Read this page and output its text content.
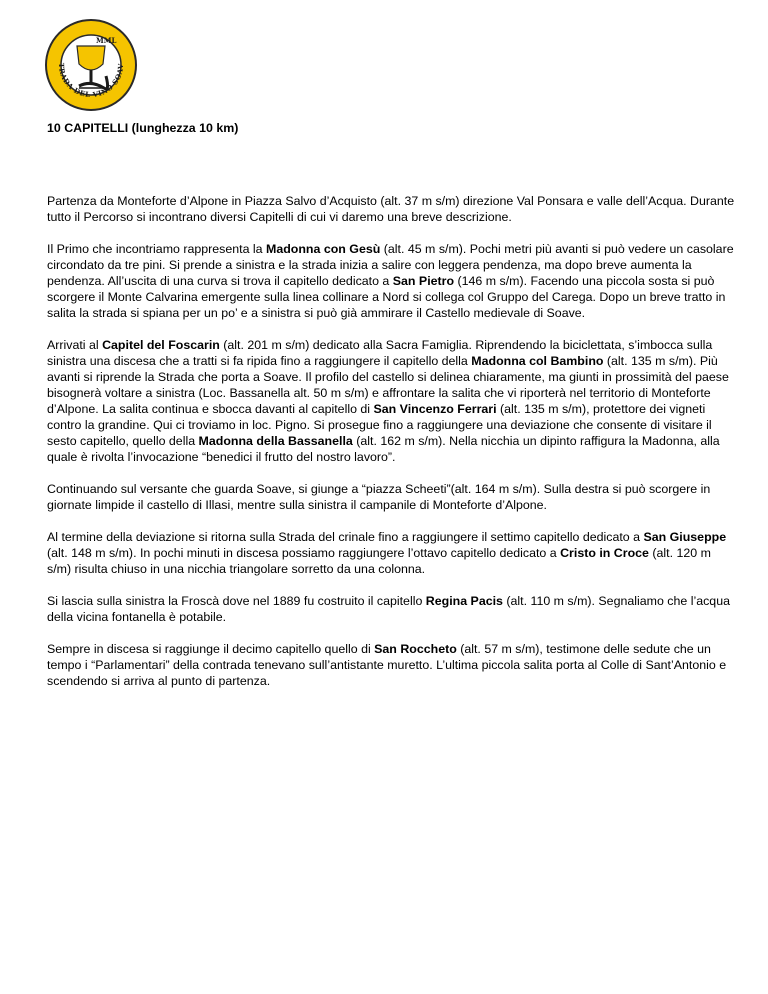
MML
TRADA DEL VINO SOAV

10 CAPITELLI (lunghezza 10 km)

Partenza da Monteforte d’Alpone in Piazza Salvo d’Acquisto (alt. 37 m s/m) direzione Val Ponsara e valle dell’Acqua. Durante tutto il Percorso si incontrano diversi Capitelli di cui vi daremo una breve descrizione.

Il Primo che incontriamo rappresenta la Madonna con Gesù (alt. 45 m s/m). Pochi metri più avanti si può vedere un casolare circondato da tre pini. Si prende a sinistra e la strada inizia a salire con leggera pendenza, ma dopo breve aumenta la pendenza. All’uscita di una curva si trova il capitello dedicato a San Pietro (146 m s/m). Facendo una piccola sosta si può scorgere il Monte Calvarina emergente sulla linea collinare a Nord si collega col Gruppo del Carega. Dopo un breve tratto in salita la strada si spiana per un po’ e a sinistra si può già ammirare il Castello medievale di Soave.

Arrivati al Capitel del Foscarin (alt. 201 m s/m) dedicato alla Sacra Famiglia. Riprendendo la biciclettata, s’imbocca sulla sinistra una discesa che a tratti si fa ripida fino a raggiungere il capitello della Madonna col Bambino (alt. 135 m s/m). Più avanti si riprende la Strada che porta a Soave. Il profilo del castello si delinea chiaramente, ma giunti in prossimità del paese bisognerà voltare a sinistra (Loc. Bassanella alt. 50 m s/m) e affrontare la salita che vi riporterà nel territorio di Monteforte d’Alpone. La salita continua e sbocca davanti al capitello di San Vincenzo Ferrari (alt. 135 m s/m), protettore dei vigneti contro la grandine. Qui ci troviamo in loc. Pigno. Si prosegue fino a raggiungere una deviazione che consente di visitare il sesto capitello, quello della Madonna della Bassanella (alt. 162 m s/m). Nella nicchia un dipinto raffigura la Madonna, alla quale è rivolta l’invocazione “benedici il frutto del nostro lavoro”.

Continuando sul versante che guarda Soave, si giunge a “piazza Scheeti”(alt. 164 m s/m). Sulla destra si può scorgere in giornate limpide il castello di Illasi, mentre sulla sinistra il campanile di Monteforte d’Alpone.

Al termine della deviazione si ritorna sulla Strada del crinale fino a raggiungere il settimo capitello dedicato a San Giuseppe (alt. 148 m s/m). In pochi minuti in discesa possiamo raggiungere l’ottavo capitello dedicato a Cristo in Croce (alt. 120 m s/m) risulta chiuso in una nicchia triangolare sorretto da una colonna.

Si lascia sulla sinistra la Froscà dove nel 1889 fu costruito il capitello Regina Pacis (alt. 110 m s/m). Segnaliamo che l’acqua della vicina fontanella è potabile.

Sempre in discesa si raggiunge il decimo capitello quello di San Roccheto (alt. 57 m s/m), testimone delle sedute che un tempo i “Parlamentari” della contrada tenevano sull’antistante muretto. L’ultima piccola salita porta al Colle di Sant’Antonio e scendendo si arriva al punto di partenza.
